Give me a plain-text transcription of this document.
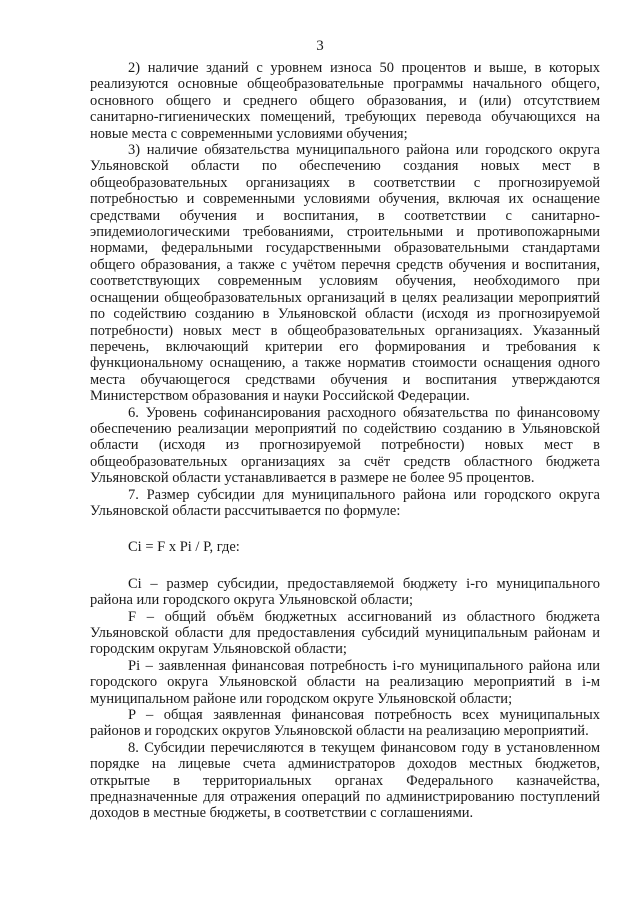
3

2) наличие зданий с уровнем износа 50 процентов и выше, в которых реализуются основные общеобразовательные программы начального общего, основного общего и среднего общего образования, и (или) отсутствием санитарно-гигиенических помещений, требующих перевода обучающихся на новые места с современными условиями обучения;

3) наличие обязательства муниципального района или городского округа Ульяновской области по обеспечению создания новых мест в общеобразовательных организациях в соответствии с прогнозируемой потребностью и современными условиями обучения, включая их оснащение средствами обучения и воспитания, в соответствии с санитарно-эпидемиологическими требованиями, строительными и противопожарными нормами, федеральными государственными образовательными стандартами общего образования, а также с учётом перечня средств обучения и воспитания, соответствующих современным условиям обучения, необходимого при оснащении общеобразовательных организаций в целях реализации мероприятий по содействию созданию в Ульяновской области (исходя из прогнозируемой потребности) новых мест в общеобразовательных организациях. Указанный перечень, включающий критерии его формирования и требования к функциональному оснащению, а также норматив стоимости оснащения одного места обучающегося средствами обучения и воспитания утверждаются Министерством образования и науки Российской Федерации.

6. Уровень софинансирования расходного обязательства по финансовому обеспечению реализации мероприятий по содействию созданию в Ульяновской области (исходя из прогнозируемой потребности) новых мест в общеобразовательных организациях за счёт средств областного бюджета Ульяновской области устанавливается в размере не более 95 процентов.

7. Размер субсидии для муниципального района или городского округа Ульяновской области рассчитывается по формуле:

Сi = F x Pi / P, где:

Сi – размер субсидии, предоставляемой бюджету i-го муниципального района или городского округа Ульяновской области;

F – общий объём бюджетных ассигнований из областного бюджета Ульяновской области для предоставления субсидий муниципальным районам и городским округам Ульяновской области;

Pi – заявленная финансовая потребность i-го муниципального района или городского округа Ульяновской области на реализацию мероприятий в i-м муниципальном районе или городском округе Ульяновской области;

P – общая заявленная финансовая потребность всех муниципальных районов и городских округов Ульяновской области на реализацию мероприятий.

8. Субсидии перечисляются в текущем финансовом году в установленном порядке на лицевые счета администраторов доходов местных бюджетов, открытые в территориальных органах Федерального казначейства, предназначенные для отражения операций по администрированию поступлений доходов в местные бюджеты, в соответствии с соглашениями.
